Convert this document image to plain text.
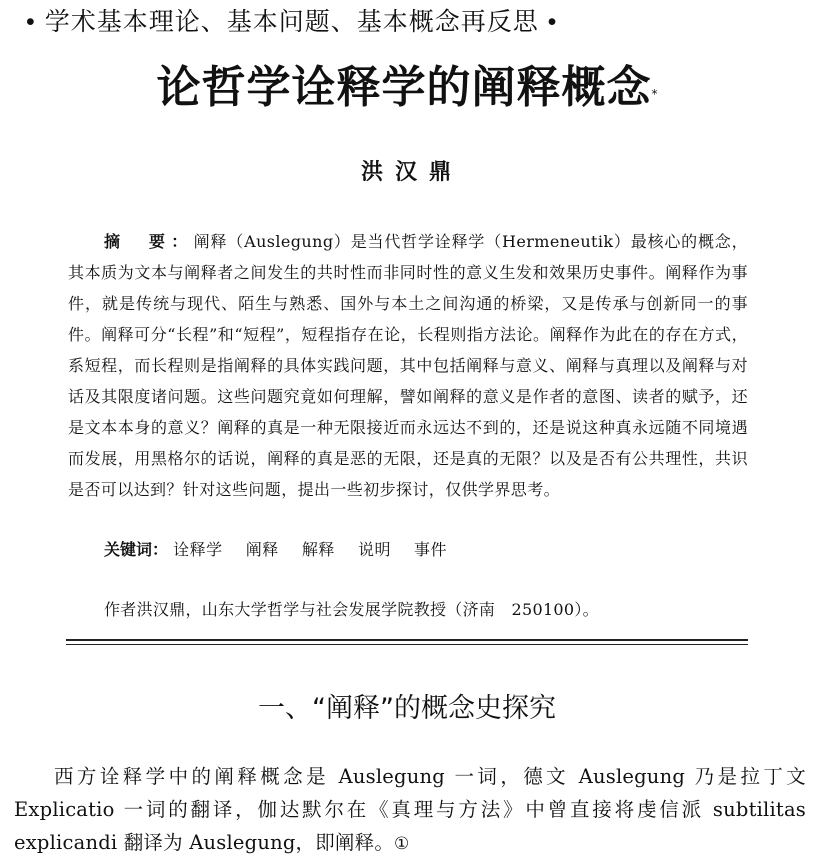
• 学术基本理论、基本问题、基本概念再反思 •
论哲学诠释学的阐释概念*
洪汉鼎

摘　要：阐释（Auslegung）是当代哲学诠释学（Hermeneutik）最核心的概念，其本质为文本与阐释者之间发生的共时性而非同时性的意义生发和效果历史事件。阐释作为事件，就是传统与现代、陌生与熟悉、国外与本土之间沟通的桥梁，又是传承与创新同一的事件。阐释可分“长程”和“短程”，短程指存在论，长程则指方法论。阐释作为此在的存在方式，系短程，而长程则是指阐释的具体实践问题，其中包括阐释与意义、阐释与真理以及阐释与对话及其限度诸问题。这些问题究竟如何理解，譬如阐释的意义是作者的意图、读者的赋予，还是文本本身的意义？阐释的真是一种无限接近而永远达不到的，还是说这种真永远随不同境遇而发展，用黑格尔的话说，阐释的真是恶的无限，还是真的无限？以及是否有公共理性，共识是否可以达到？针对这些问题，提出一些初步探讨，仅供学界思考。

关键词： 诠释学 阐释 解释 说明 事件
作者洪汉鼎，山东大学哲学与社会发展学院教授（济南　250100）。
一、“阐释”的概念史探究

西方诠释学中的阐释概念是 Auslegung 一词，德文 Auslegung 乃是拉丁文 Explicatio 一词的翻译，伽达默尔在《真理与方法》中曾直接将虔信派 subtilitas explicandi 翻译为 Auslegung，即阐释。①
